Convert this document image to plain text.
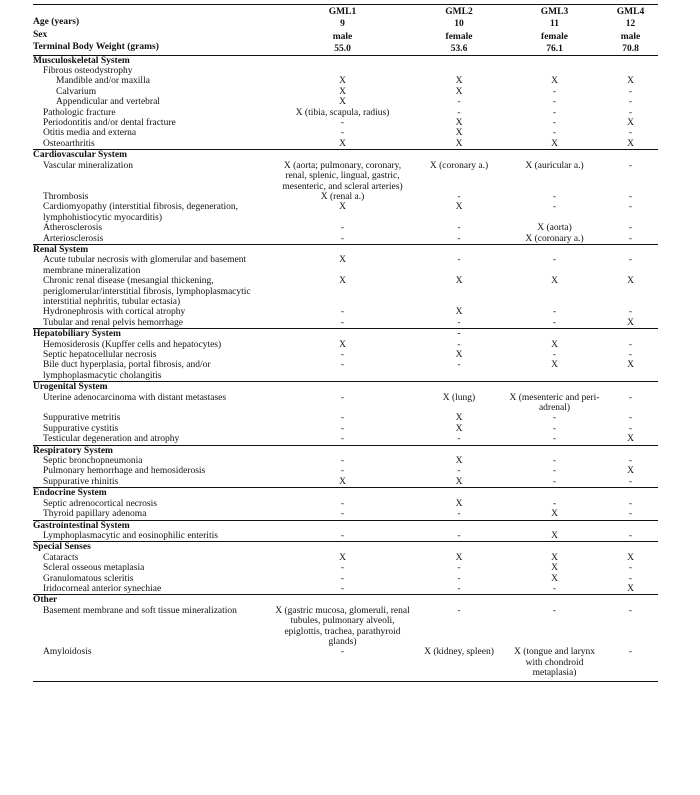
	GML1	GML2	GML3	GML4
Age (years)	9	10	11	12
Sex	male	female	female	male
Terminal Body Weight (grams)	55.0	53.6	76.1	70.8
Musculoskeletal System				
Fibrous osteodystrophy				
Mandible and/or maxilla	X	X	X	X
Calvarium	X	X	-	-
Appendicular and vertebral	X	-	-	-
Pathologic fracture	X (tibia, scapula, radius)	-	-	-
Periodontitis and/or dental fracture	-	X	-	X
Otitis media and externa	-	X	-	-
Osteoarthritis	X	X	X	X
Cardiovascular System				
Vascular mineralization	X (aorta; pulmonary, coronary, renal, splenic, lingual, gastric, mesenteric, and scleral arteries)	X (coronary a.)	X (auricular a.)	-
Thrombosis	X (renal a.)	-	-	-
Cardiomyopathy (interstitial fibrosis, degeneration, lymphohistiocytic myocarditis)	X	X	-	-
Atherosclerosis	-	-	X (aorta)	-
Arteriosclerosis	-	-	X (coronary a.)	-
Renal System				
Acute tubular necrosis with glomerular and basement membrane mineralization	X	-	-	-
Chronic renal disease (mesangial thickening, periglomerular/interstitial fibrosis, lymphoplasmacytic interstitial nephritis, tubular ectasia)	X	X	X	X
Hydronephrosis with cortical atrophy	-	X	-	-
Tubular and renal pelvis hemorrhage	-	-	-	X
Hepatobiliary System		-		
Hemosiderosis (Kupffer cells and hepatocytes)	X	-	X	-
Septic hepatocellular necrosis	-	X	-	-
Bile duct hyperplasia, portal fibrosis, and/or lymphoplasmacytic cholangitis	-	-	X	X
Urogenital System				
Uterine adenocarcinoma with distant metastases	-	X (lung)	X (mesenteric and peri-adrenal)	-
Suppurative metritis	-	X	-	-
Suppurative cystitis	-	X	-	-
Testicular degeneration and atrophy	-	-	-	X
Respiratory System				
Septic bronchopneumonia	-	X	-	-
Pulmonary hemorrhage and hemosiderosis	-	-	-	X
Suppurative rhinitis	X	X	-	-
Endocrine System				
Septic adrenocortical necrosis	-	X	-	-
Thyroid papillary adenoma	-	-	X	-
Gastrointestinal System				
Lymphoplasmacytic and eosinophilic enteritis	-	-	X	-
Special Senses				
Cataracts	X	X	X	X
Scleral osseous metaplasia	-	-	X	-
Granulomatous scleritis	-	-	X	-
Iridocorneal anterior synechiae	-	-	-	X
Other				
Basement membrane and soft tissue mineralization	X (gastric mucosa, glomeruli, renal tubules, pulmonary alveoli, epiglottis, trachea, parathyroid glands)	-	-	-
Amyloidosis	-	X (kidney, spleen)	X (tongue and larynx with chondroid metaplasia)	-
